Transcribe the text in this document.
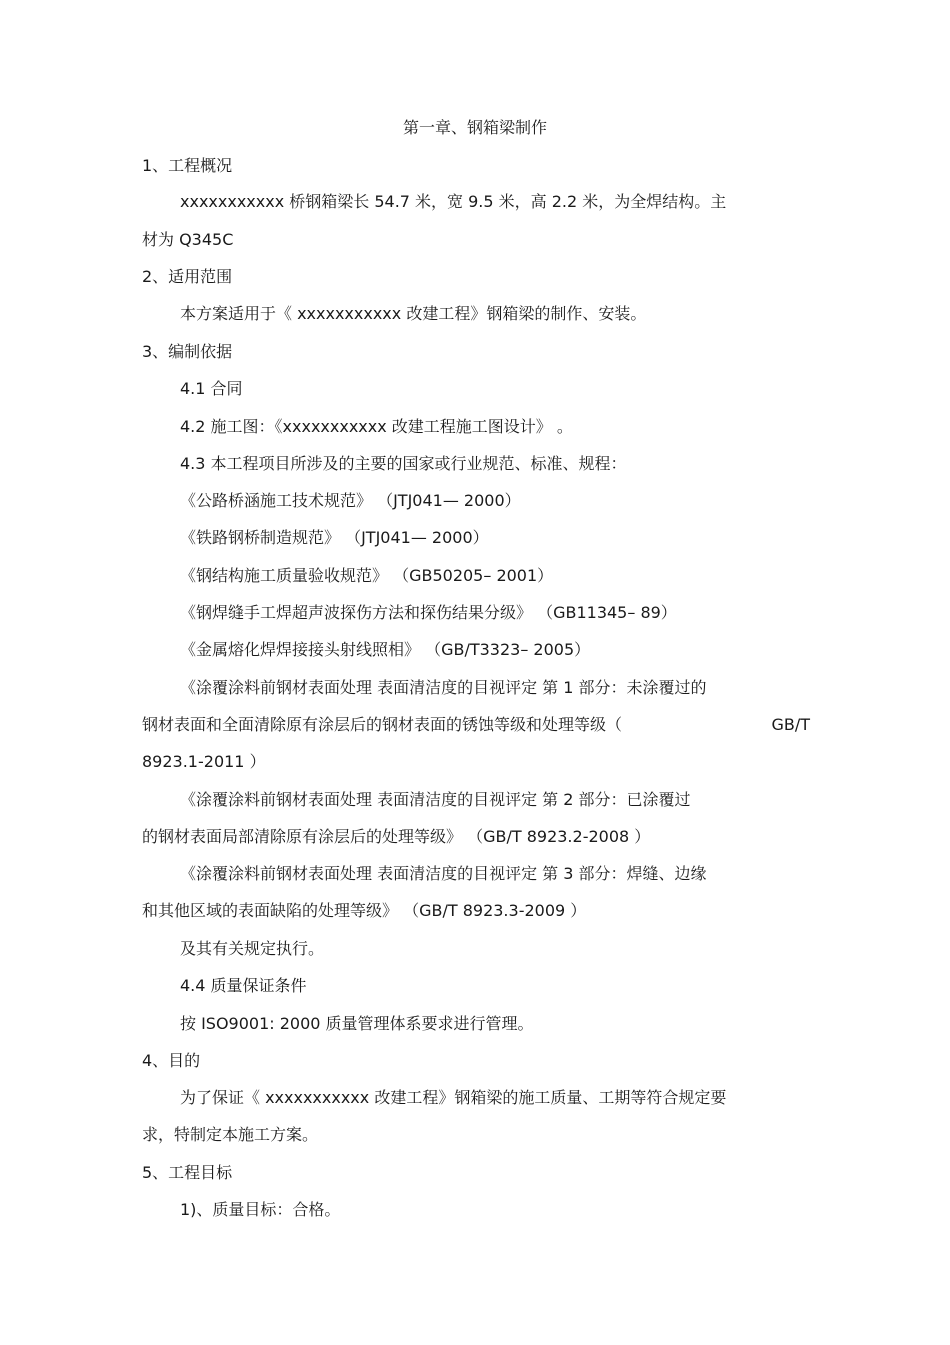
第一章、钢箱梁制作
1、工程概况
xxxxxxxxxxx 桥钢箱梁长 54.7 米，宽 9.5 米，高 2.2 米，为全焊结构。主
材为 Q345C
2、适用范围
本方案适用于《 xxxxxxxxxxx 改建工程》钢箱梁的制作、安装。
3、编制依据
4.1 合同
4.2 施工图：《xxxxxxxxxxx 改建工程施工图设计》 。
4.3 本工程项目所涉及的主要的国家或行业规范、标准、规程：
《公路桥涵施工技术规范》 （JTJ041— 2000）
《铁路钢桥制造规范》 （JTJ041— 2000）
《钢结构施工质量验收规范》 （GB50205– 2001）
《钢焊缝手工焊超声波探伤方法和探伤结果分级》 （GB11345– 89）
《金属熔化焊焊接接头射线照相》 （GB/T3323– 2005）
《涂覆涂料前钢材表面处理 表面清洁度的目视评定 第 1 部分：未涂覆过的
钢材表面和全面清除原有涂层后的钢材表面的锈蚀等级和处理等级（	GB/T
8923.1-2011 ）
《涂覆涂料前钢材表面处理 表面清洁度的目视评定 第 2 部分：已涂覆过
的钢材表面局部清除原有涂层后的处理等级》 （GB/T 8923.2-2008 ）
《涂覆涂料前钢材表面处理 表面清洁度的目视评定 第 3 部分：焊缝、边缘
和其他区域的表面缺陷的处理等级》 （GB/T 8923.3-2009 ）
及其有关规定执行。
4.4 质量保证条件
按 ISO9001: 2000 质量管理体系要求进行管理。
4、目的
为了保证《 xxxxxxxxxxx 改建工程》钢箱梁的施工质量、工期等符合规定要
求，特制定本施工方案。
5、工程目标
1)、质量目标：合格。
